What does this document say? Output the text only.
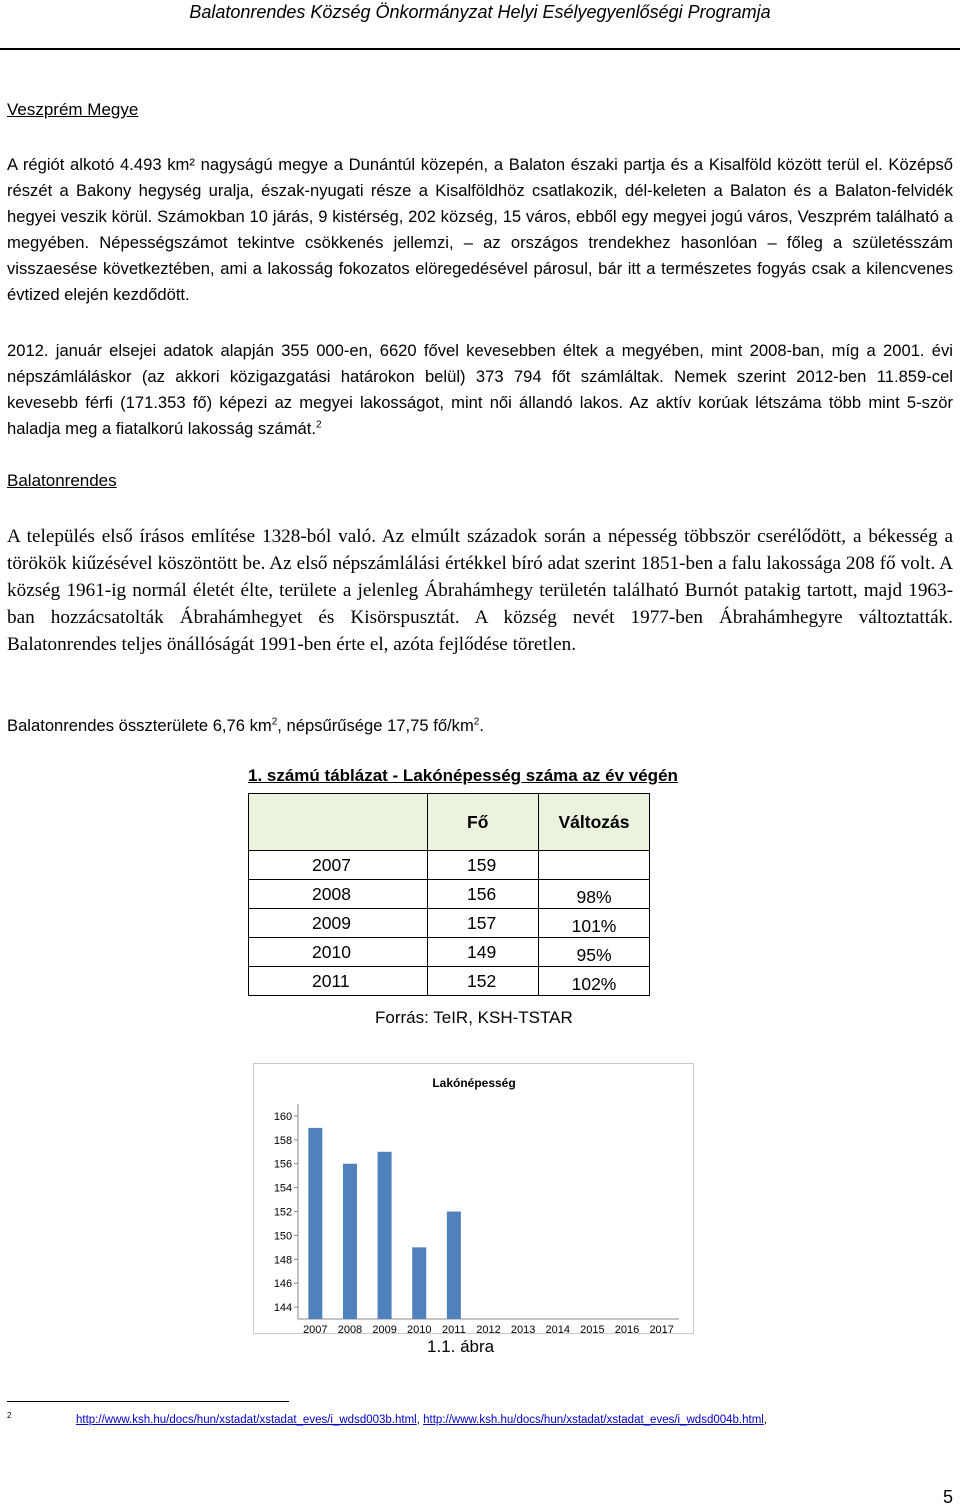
Balatonrendes Község Önkormányzat Helyi Esélyegyenlőségi Programja
Veszprém Megye
A régiót alkotó 4.493 km² nagyságú megye a Dunántúl közepén, a Balaton északi partja és a Kisalföld között terül el. Középső részét a Bakony hegység uralja, észak-nyugati része a Kisalföldhöz csatlakozik, dél-keleten a Balaton és a Balaton-felvidék hegyei veszik körül. Számokban 10 járás, 9 kistérség, 202 község, 15 város, ebből egy megyei jogú város, Veszprém található a megyében. Népességszámot tekintve csökkenés jellemzi, – az országos trendekhez hasonlóan – főleg a születésszám visszaesése következtében, ami a lakosság fokozatos elöregedésével párosul, bár itt a természetes fogyás csak a kilencvenes évtized elején kezdődött.
2012. január elsejei adatok alapján 355 000-en, 6620 fővel kevesebben éltek a megyében, mint 2008-ban, míg a 2001. évi népszámláláskor (az akkori közigazgatási határokon belül) 373 794 főt számláltak. Nemek szerint 2012-ben 11.859-cel kevesebb férfi (171.353 fő) képezi az megyei lakosságot, mint női állandó lakos. Az aktív korúak létszáma több mint 5-ször haladja meg a fiatalkorú lakosság számát.$^2$
Balatonrendes
A település első írásos említése 1328-ból való. Az elmúlt századok során a népesség többször cserélődött, a békesség a törökök kiűzésével köszöntött be. Az első népszámlálási értékkel bíró adat szerint 1851-ben a falu lakossága 208 fő volt. A község 1961-ig normál életét élte, területe a jelenleg Ábrahámhegy területén található Burnót patakig tartott, majd 1963-ban hozzácsatolták Ábrahámhegyet és Kisörspusztát. A község nevét 1977-ben Ábrahámhegyre változtatták. Balatonrendes teljes önállóságát 1991-ben érte el, azóta fejlődése töretlen.
Balatonrendes összterülete 6,76 $km^2$, népsűrűsége 17,75 $fő/km^2$.
1. számú táblázat - Lakónépesség száma az év végén
	Fő	Változás
2007	159	
2008	156	98%
2009	157	101%
2010	149	95%
2011	152	102%
Forrás: TeIR, KSH-TSTAR
Lakónépesség
144
146
148
150
152
154
156
158
160
2007 2008 2009 2010 2011 2012 2013 2014 2015 2016 2017
1.1. ábra
2	http://www.ksh.hu/docs/hun/xstadat/xstadat_eves/i_wdsd003b.html, http://www.ksh.hu/docs/hun/xstadat/xstadat_eves/i_wdsd004b.html,
5
